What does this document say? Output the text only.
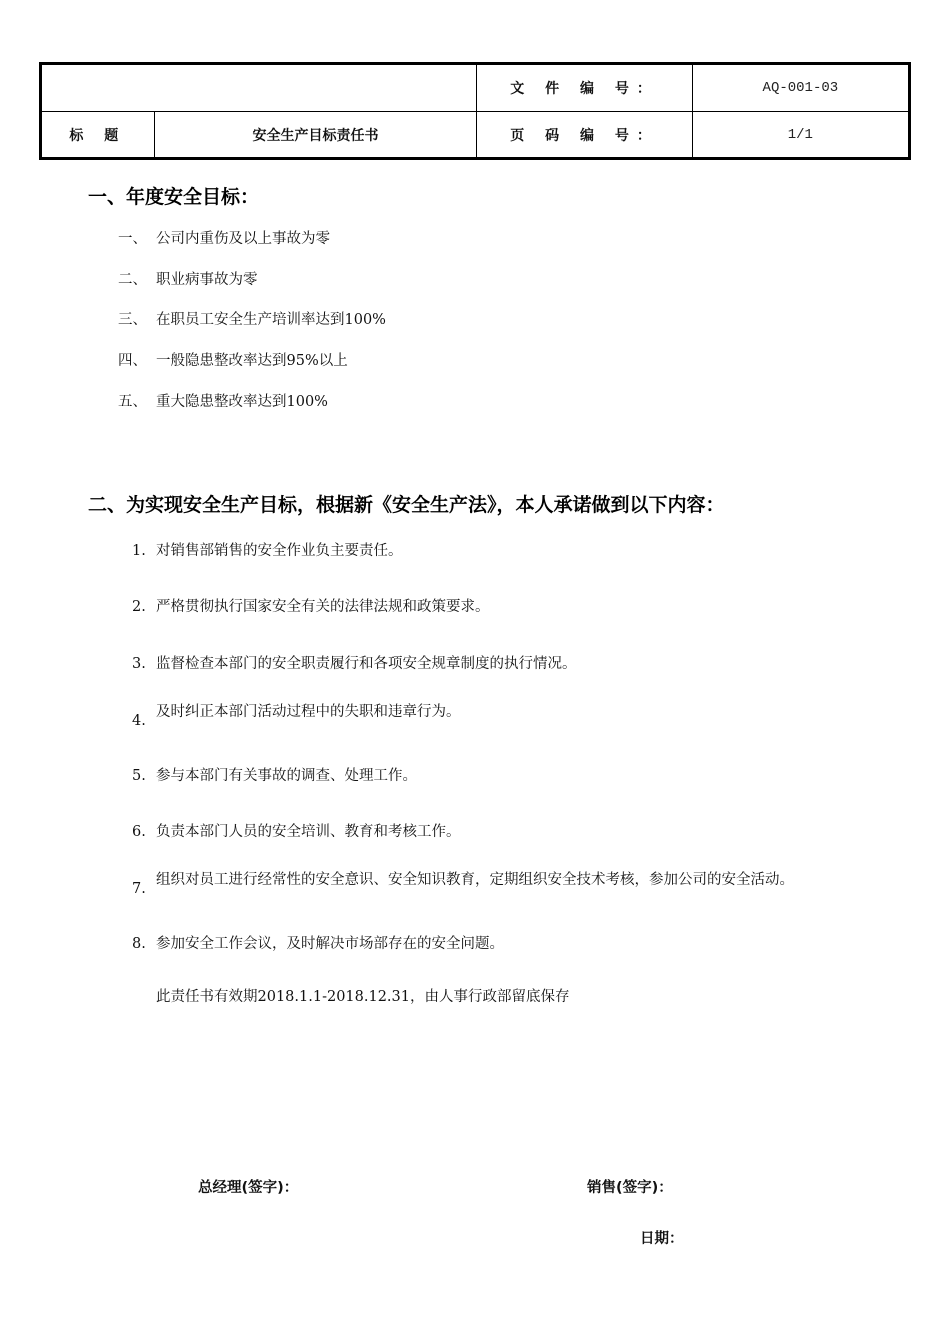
		文 件 编 号：	AQ-001-03
标 题	安全生产目标责任书	页 码 编 号：	1/1
一、年度安全目标：
一、 公司内重伤及以上事故为零
二、 职业病事故为零
三、 在职员工安全生产培训率达到100%
四、 一般隐患整改率达到95%以上
五、 重大隐患整改率达到100%
二、为实现安全生产目标，根据新《安全生产法》，本人承诺做到以下内容：
1. 对销售部销售的安全作业负主要责任。
2. 严格贯彻执行国家安全有关的法律法规和政策要求。
3. 监督检查本部门的安全职责履行和各项安全规章制度的执行情况。
4.
及时纠正本部门活动过程中的失职和违章行为。
5. 参与本部门有关事故的调查、处理工作。
6. 负责本部门人员的安全培训、教育和考核工作。
7.
组织对员工进行经常性的安全意识、安全知识教育，定期组织安全技术考核，参加公司的安全活动。
8. 参加安全工作会议，及时解决市场部存在的安全问题。
此责任书有效期2018.1.1-2018.12.31，由人事行政部留底保存
总经理(签字)：	销售(签字)：
日期：
